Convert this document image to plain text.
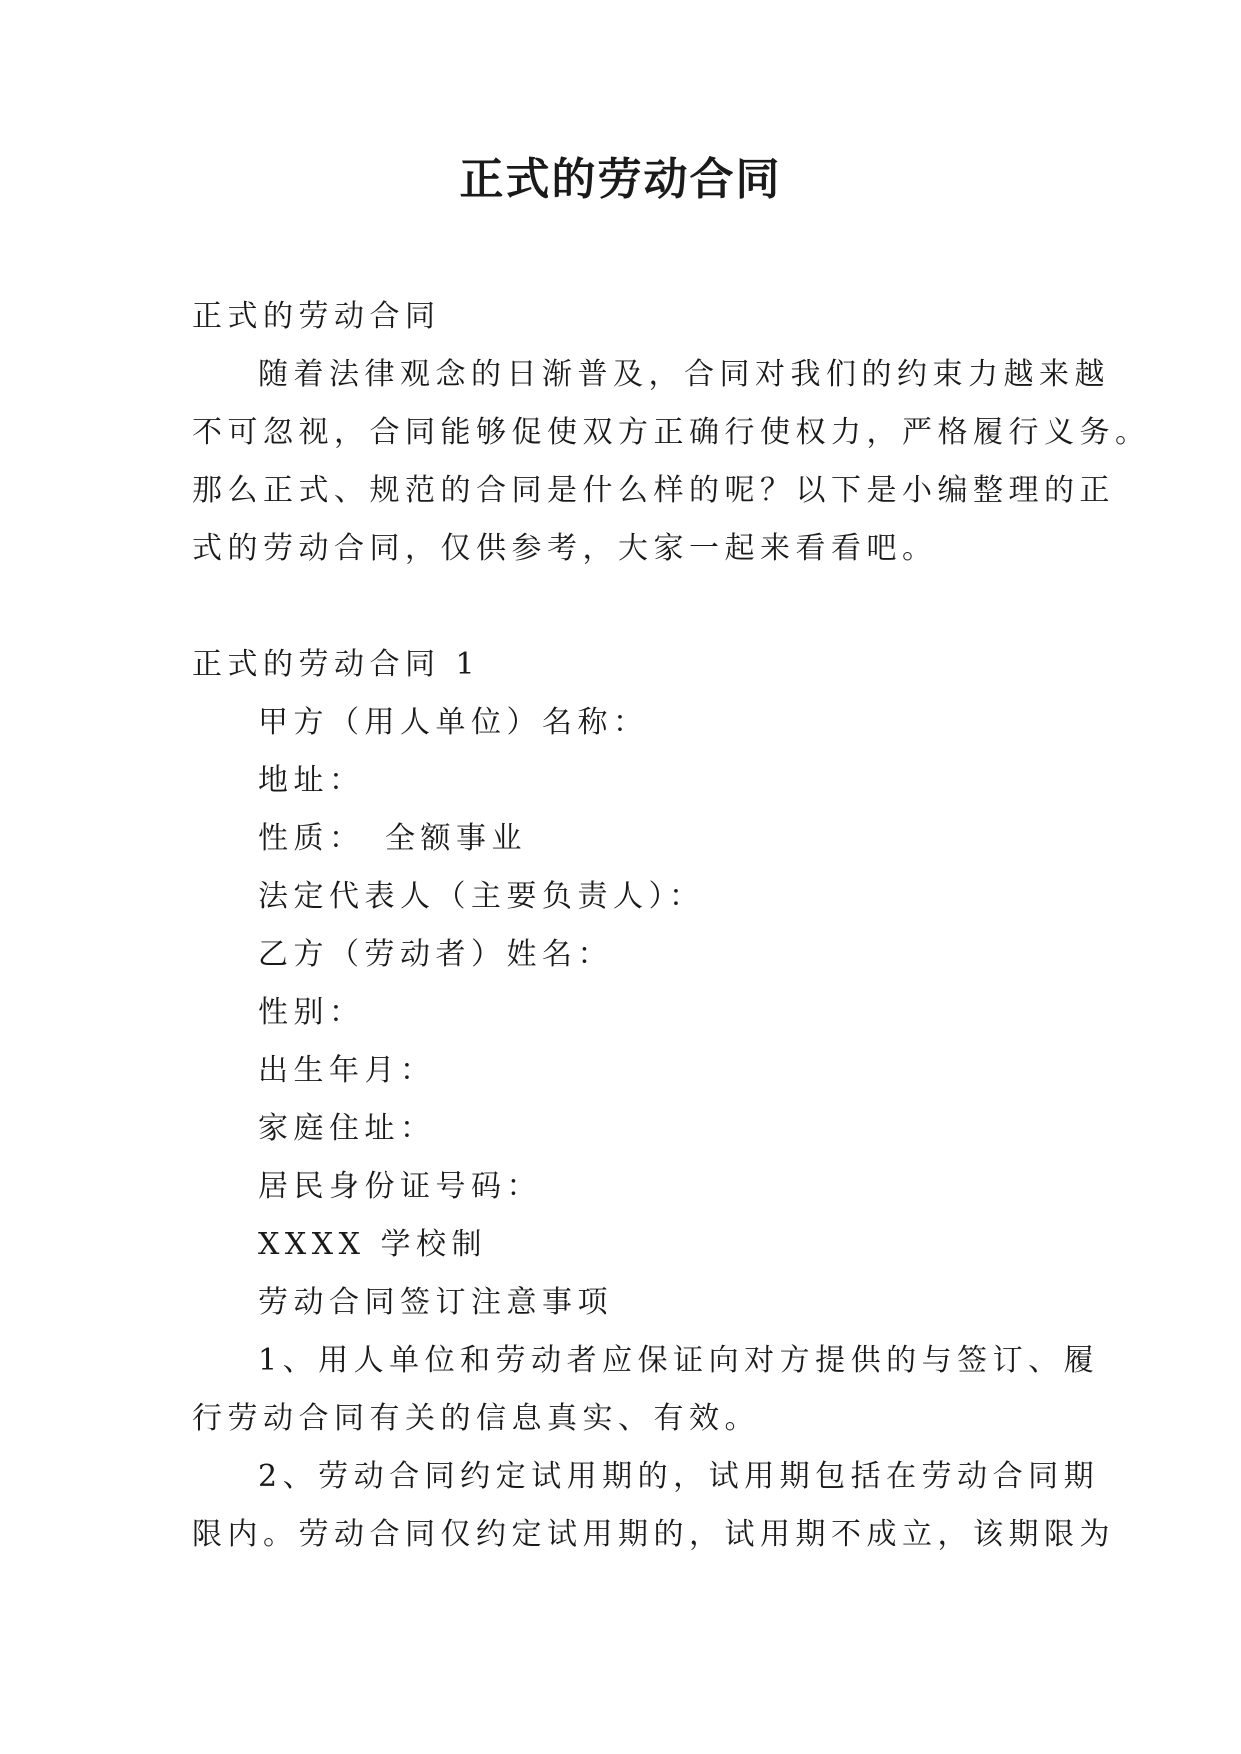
正式的劳动合同

正式的劳动合同

随着法律观念的日渐普及，合同对我们的约束力越来越

不可忽视，合同能够促使双方正确行使权力，严格履行义务。

那么正式、规范的合同是什么样的呢？以下是小编整理的正

式的劳动合同，仅供参考，大家一起来看看吧。

正式的劳动合同 1

甲方（用人单位）名称：

地址：

性质：　全额事业

法定代表人（主要负责人）：

乙方（劳动者）姓名：

性别：

出生年月：

家庭住址：

居民身份证号码：

XXXX 学校制

劳动合同签订注意事项

1、用人单位和劳动者应保证向对方提供的与签订、履

行劳动合同有关的信息真实、有效。

2、劳动合同约定试用期的，试用期包括在劳动合同期

限内。劳动合同仅约定试用期的，试用期不成立，该期限为
